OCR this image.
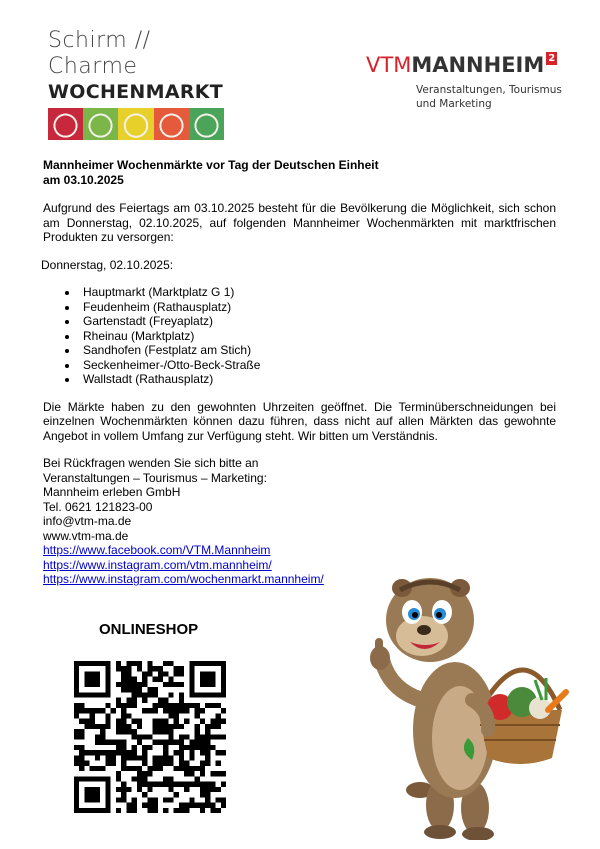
Schirm // Charme
WOCHENMARKT
VTMMANNHEIM 2
Veranstaltungen, Tourismus
und Marketing
Mannheimer Wochenmärkte vor Tag der Deutschen Einheit
am 03.10.2025

Aufgrund des Feiertags am 03.10.2025 besteht für die Bevölkerung die Möglichkeit, sich schon am Donnerstag, 02.10.2025, auf folgenden Mannheimer Wochenmärkten mit marktfrischen Produkten zu versorgen:

Donnerstag, 02.10.2025:
• Hauptmarkt (Marktplatz G 1)
• Feudenheim (Rathausplatz)
• Gartenstadt (Freyaplatz)
• Rheinau (Marktplatz)
• Sandhofen (Festplatz am Stich)
• Seckenheimer-/Otto-Beck-Straße
• Wallstadt (Rathausplatz)

Die Märkte haben zu den gewohnten Uhrzeiten geöffnet. Die Terminüberschneidungen bei einzelnen Wochenmärkten können dazu führen, dass nicht auf allen Märkten das gewohnte Angebot in vollem Umfang zur Verfügung steht. Wir bitten um Verständnis.

Bei Rückfragen wenden Sie sich bitte an
Veranstaltungen – Tourismus – Marketing:
Mannheim erleben GmbH
Tel. 0621 121823-00
info@vtm-ma.de
www.vtm-ma.de
https://www.facebook.com/VTM.Mannheim
https://www.instagram.com/vtm.mannheim/
https://www.instagram.com/wochenmarkt.mannheim/
ONLINESHOP
